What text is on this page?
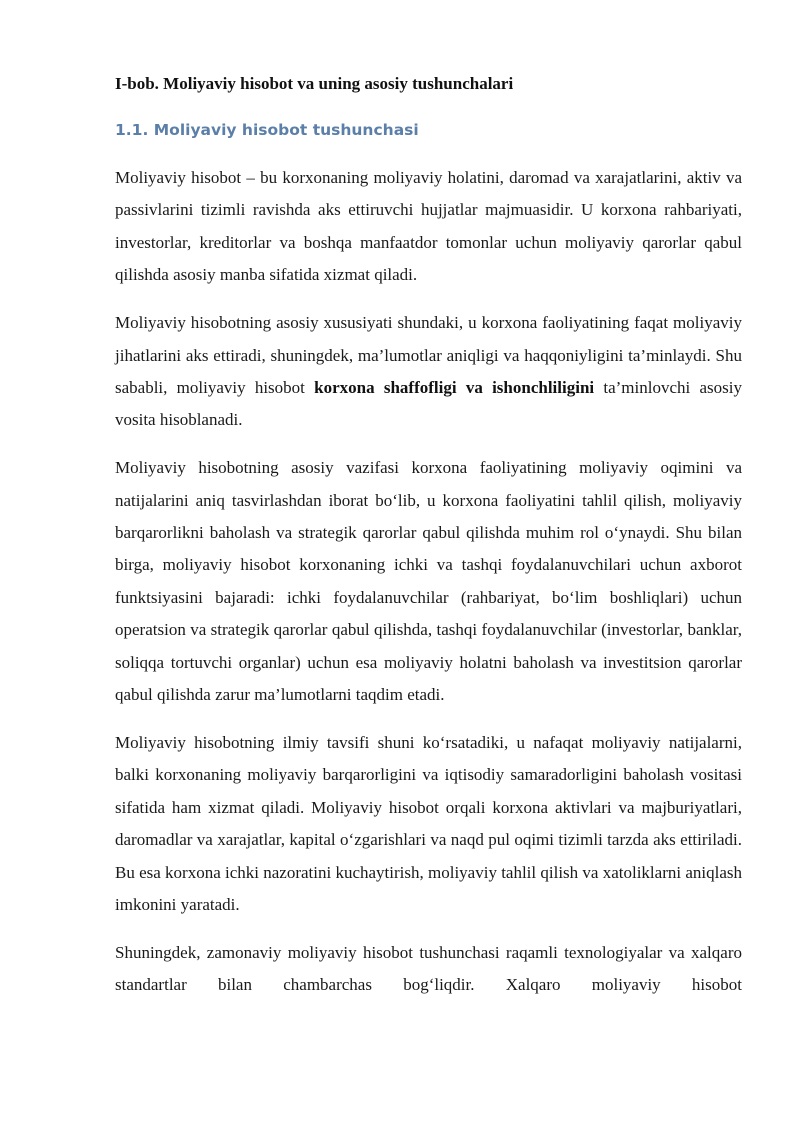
I-bob. Moliyaviy hisobot va uning asosiy tushunchalari
1.1. Moliyaviy hisobot tushunchasi

Moliyaviy hisobot – bu korxonaning moliyaviy holatini, daromad va xarajatlarini, aktiv va passivlarini tizimli ravishda aks ettiruvchi hujjatlar majmuasidir. U korxona rahbariyati, investorlar, kreditorlar va boshqa manfaatdor tomonlar uchun moliyaviy qarorlar qabul qilishda asosiy manba sifatida xizmat qiladi.

Moliyaviy hisobotning asosiy xususiyati shundaki, u korxona faoliyatining faqat moliyaviy jihatlarini aks ettiradi, shuningdek, ma’lumotlar aniqligi va haqqoniyligini ta’minlaydi. Shu sababli, moliyaviy hisobot korxona shaffofligi va ishonchliligini ta’minlovchi asosiy vosita hisoblanadi.

Moliyaviy hisobotning asosiy vazifasi korxona faoliyatining moliyaviy oqimini va natijalarini aniq tasvirlashdan iborat bo‘lib, u korxona faoliyatini tahlil qilish, moliyaviy barqarorlikni baholash va strategik qarorlar qabul qilishda muhim rol o‘ynaydi. Shu bilan birga, moliyaviy hisobot korxonaning ichki va tashqi foydalanuvchilari uchun axborot funktsiyasini bajaradi: ichki foydalanuvchilar (rahbariyat, bo‘lim boshliqlari) uchun operatsion va strategik qarorlar qabul qilishda, tashqi foydalanuvchilar (investorlar, banklar, soliqqa tortuvchi organlar) uchun esa moliyaviy holatni baholash va investitsion qarorlar qabul qilishda zarur ma’lumotlarni taqdim etadi.

Moliyaviy hisobotning ilmiy tavsifi shuni ko‘rsatadiki, u nafaqat moliyaviy natijalarni, balki korxonaning moliyaviy barqarorligini va iqtisodiy samaradorligini baholash vositasi sifatida ham xizmat qiladi. Moliyaviy hisobot orqali korxona aktivlari va majburiyatlari, daromadlar va xarajatlar, kapital o‘zgarishlari va naqd pul oqimi tizimli tarzda aks ettiriladi. Bu esa korxona ichki nazoratini kuchaytirish, moliyaviy tahlil qilish va xatoliklarni aniqlash imkonini yaratadi.

Shuningdek, zamonaviy moliyaviy hisobot tushunchasi raqamli texnologiyalar va xalqaro standartlar bilan chambarchas bog‘liqdir. Xalqaro moliyaviy hisobot
